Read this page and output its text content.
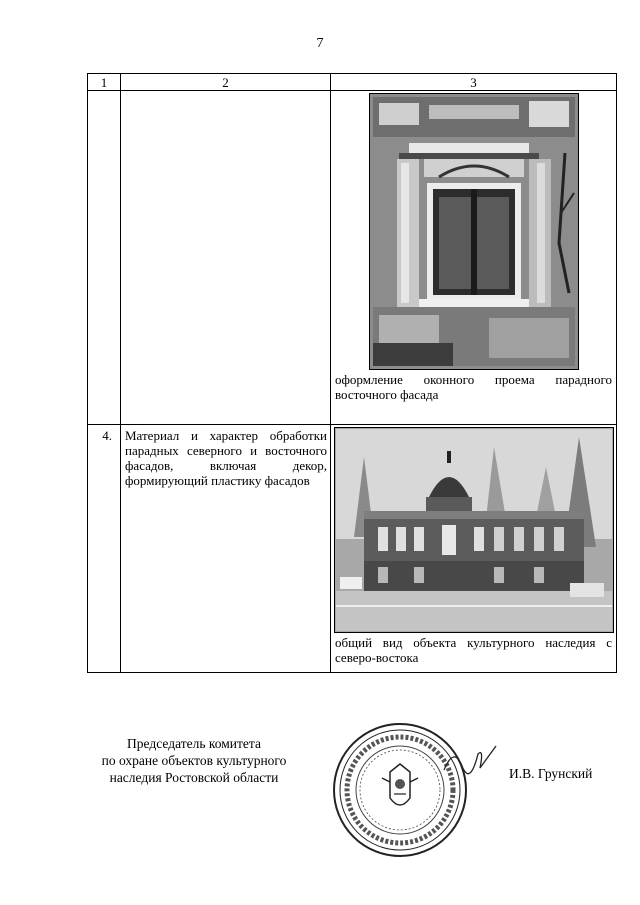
7
1	2	3

		оформление оконного проема парадного восточного фасада

4.	Материал и характер обработки парадных северного и восточного фасадов, включая декор, формирующий пластику фасадов	общий вид объекта культурного наследия с северо-востока
Председатель комитета
по охране объектов культурного
наследия Ростовской области	И.В. Грунский
